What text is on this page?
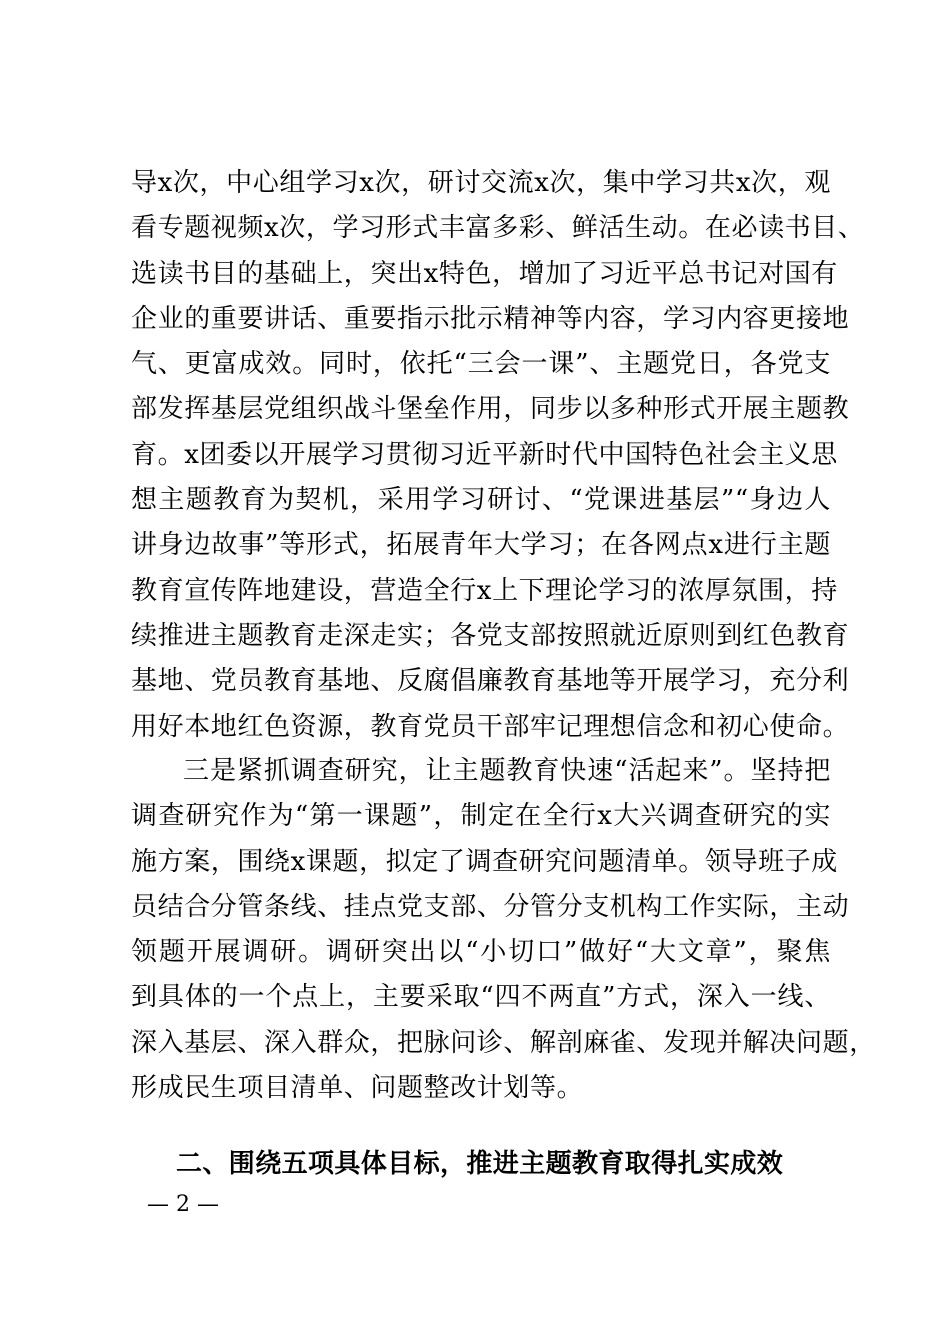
导x次，中心组学习x次，研讨交流x次，集中学习共x次，观
看专题视频x次，学习形式丰富多彩、鲜活生动。在必读书目、
选读书目的基础上，突出x特色，增加了习近平总书记对国有
企业的重要讲话、重要指示批示精神等内容，学习内容更接地
气、更富成效。同时，依托“三会一课”、主题党日，各党支
部发挥基层党组织战斗堡垒作用，同步以多种形式开展主题教
育。x团委以开展学习贯彻习近平新时代中国特色社会主义思
想主题教育为契机，采用学习研讨、“党课进基层”“身边人
讲身边故事”等形式，拓展青年大学习；在各网点x进行主题
教育宣传阵地建设，营造全行x上下理论学习的浓厚氛围，持
续推进主题教育走深走实；各党支部按照就近原则到红色教育
基地、党员教育基地、反腐倡廉教育基地等开展学习，充分利
用好本地红色资源，教育党员干部牢记理想信念和初心使命。
三是紧抓调查研究，让主题教育快速“活起来”。坚持把
调查研究作为“第一课题”，制定在全行x大兴调查研究的实
施方案，围绕x课题，拟定了调查研究问题清单。领导班子成
员结合分管条线、挂点党支部、分管分支机构工作实际，主动
领题开展调研。调研突出以“小切口”做好“大文章”，聚焦
到具体的一个点上，主要采取“四不两直”方式，深入一线、
深入基层、深入群众，把脉问诊、解剖麻雀、发现并解决问题，
形成民生项目清单、问题整改计划等。
二、围绕五项具体目标，推进主题教育取得扎实成效
— 2 —
